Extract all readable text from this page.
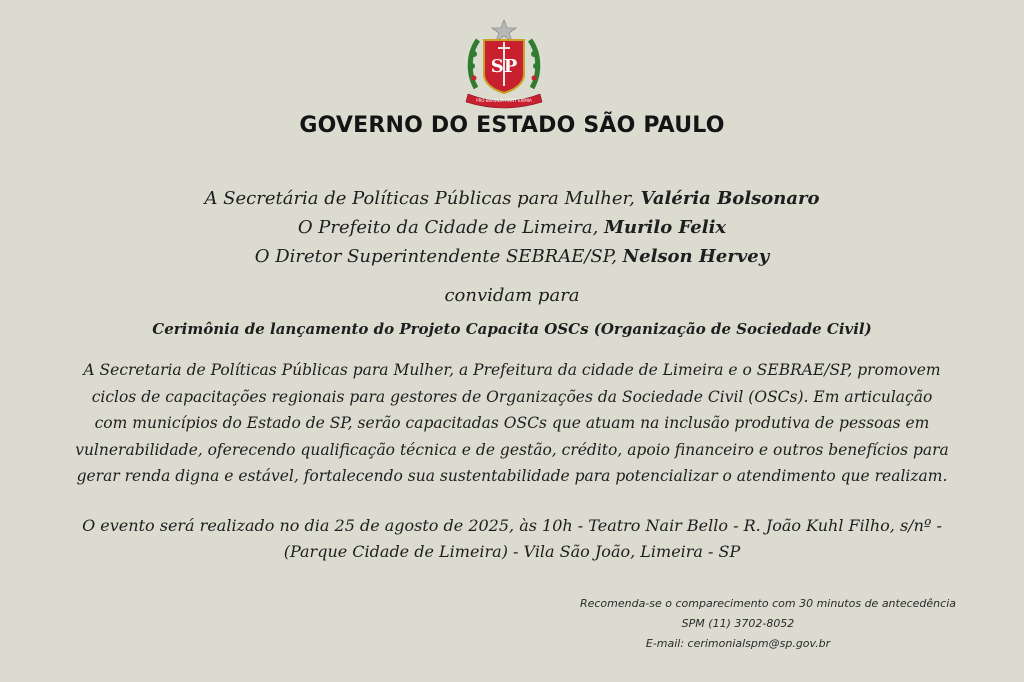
SP
PRO BRASILIA FIANT EXIMIA
GOVERNO DO ESTADO SÃO PAULO
A Secretária de Políticas Públicas para Mulher, Valéria Bolsonaro
O Prefeito da Cidade de Limeira, Murilo Felix
O Diretor Superintendente SEBRAE/SP, Nelson Hervey
convidam para
Cerimônia de lançamento do Projeto Capacita OSCs (Organização de Sociedade Civil)
A Secretaria de Políticas Públicas para Mulher, a Prefeitura da cidade de Limeira e o SEBRAE/SP, promovem
ciclos de capacitações regionais para gestores de Organizações da Sociedade Civil (OSCs). Em articulação
com municípios do Estado de SP, serão capacitadas OSCs que atuam na inclusão produtiva de pessoas em
vulnerabilidade, oferecendo qualificação técnica e de gestão, crédito, apoio financeiro e outros benefícios para
gerar renda digna e estável, fortalecendo sua sustentabilidade para potencializar o atendimento que realizam.
O evento será realizado no dia 25 de agosto de 2025, às 10h - Teatro Nair Bello - R. João Kuhl Filho, s/nº -
(Parque Cidade de Limeira) - Vila São João, Limeira - SP
Recomenda-se o comparecimento com 30 minutos de antecedência
SPM (11) 3702-8052
E-mail: cerimonialspm@sp.gov.br
